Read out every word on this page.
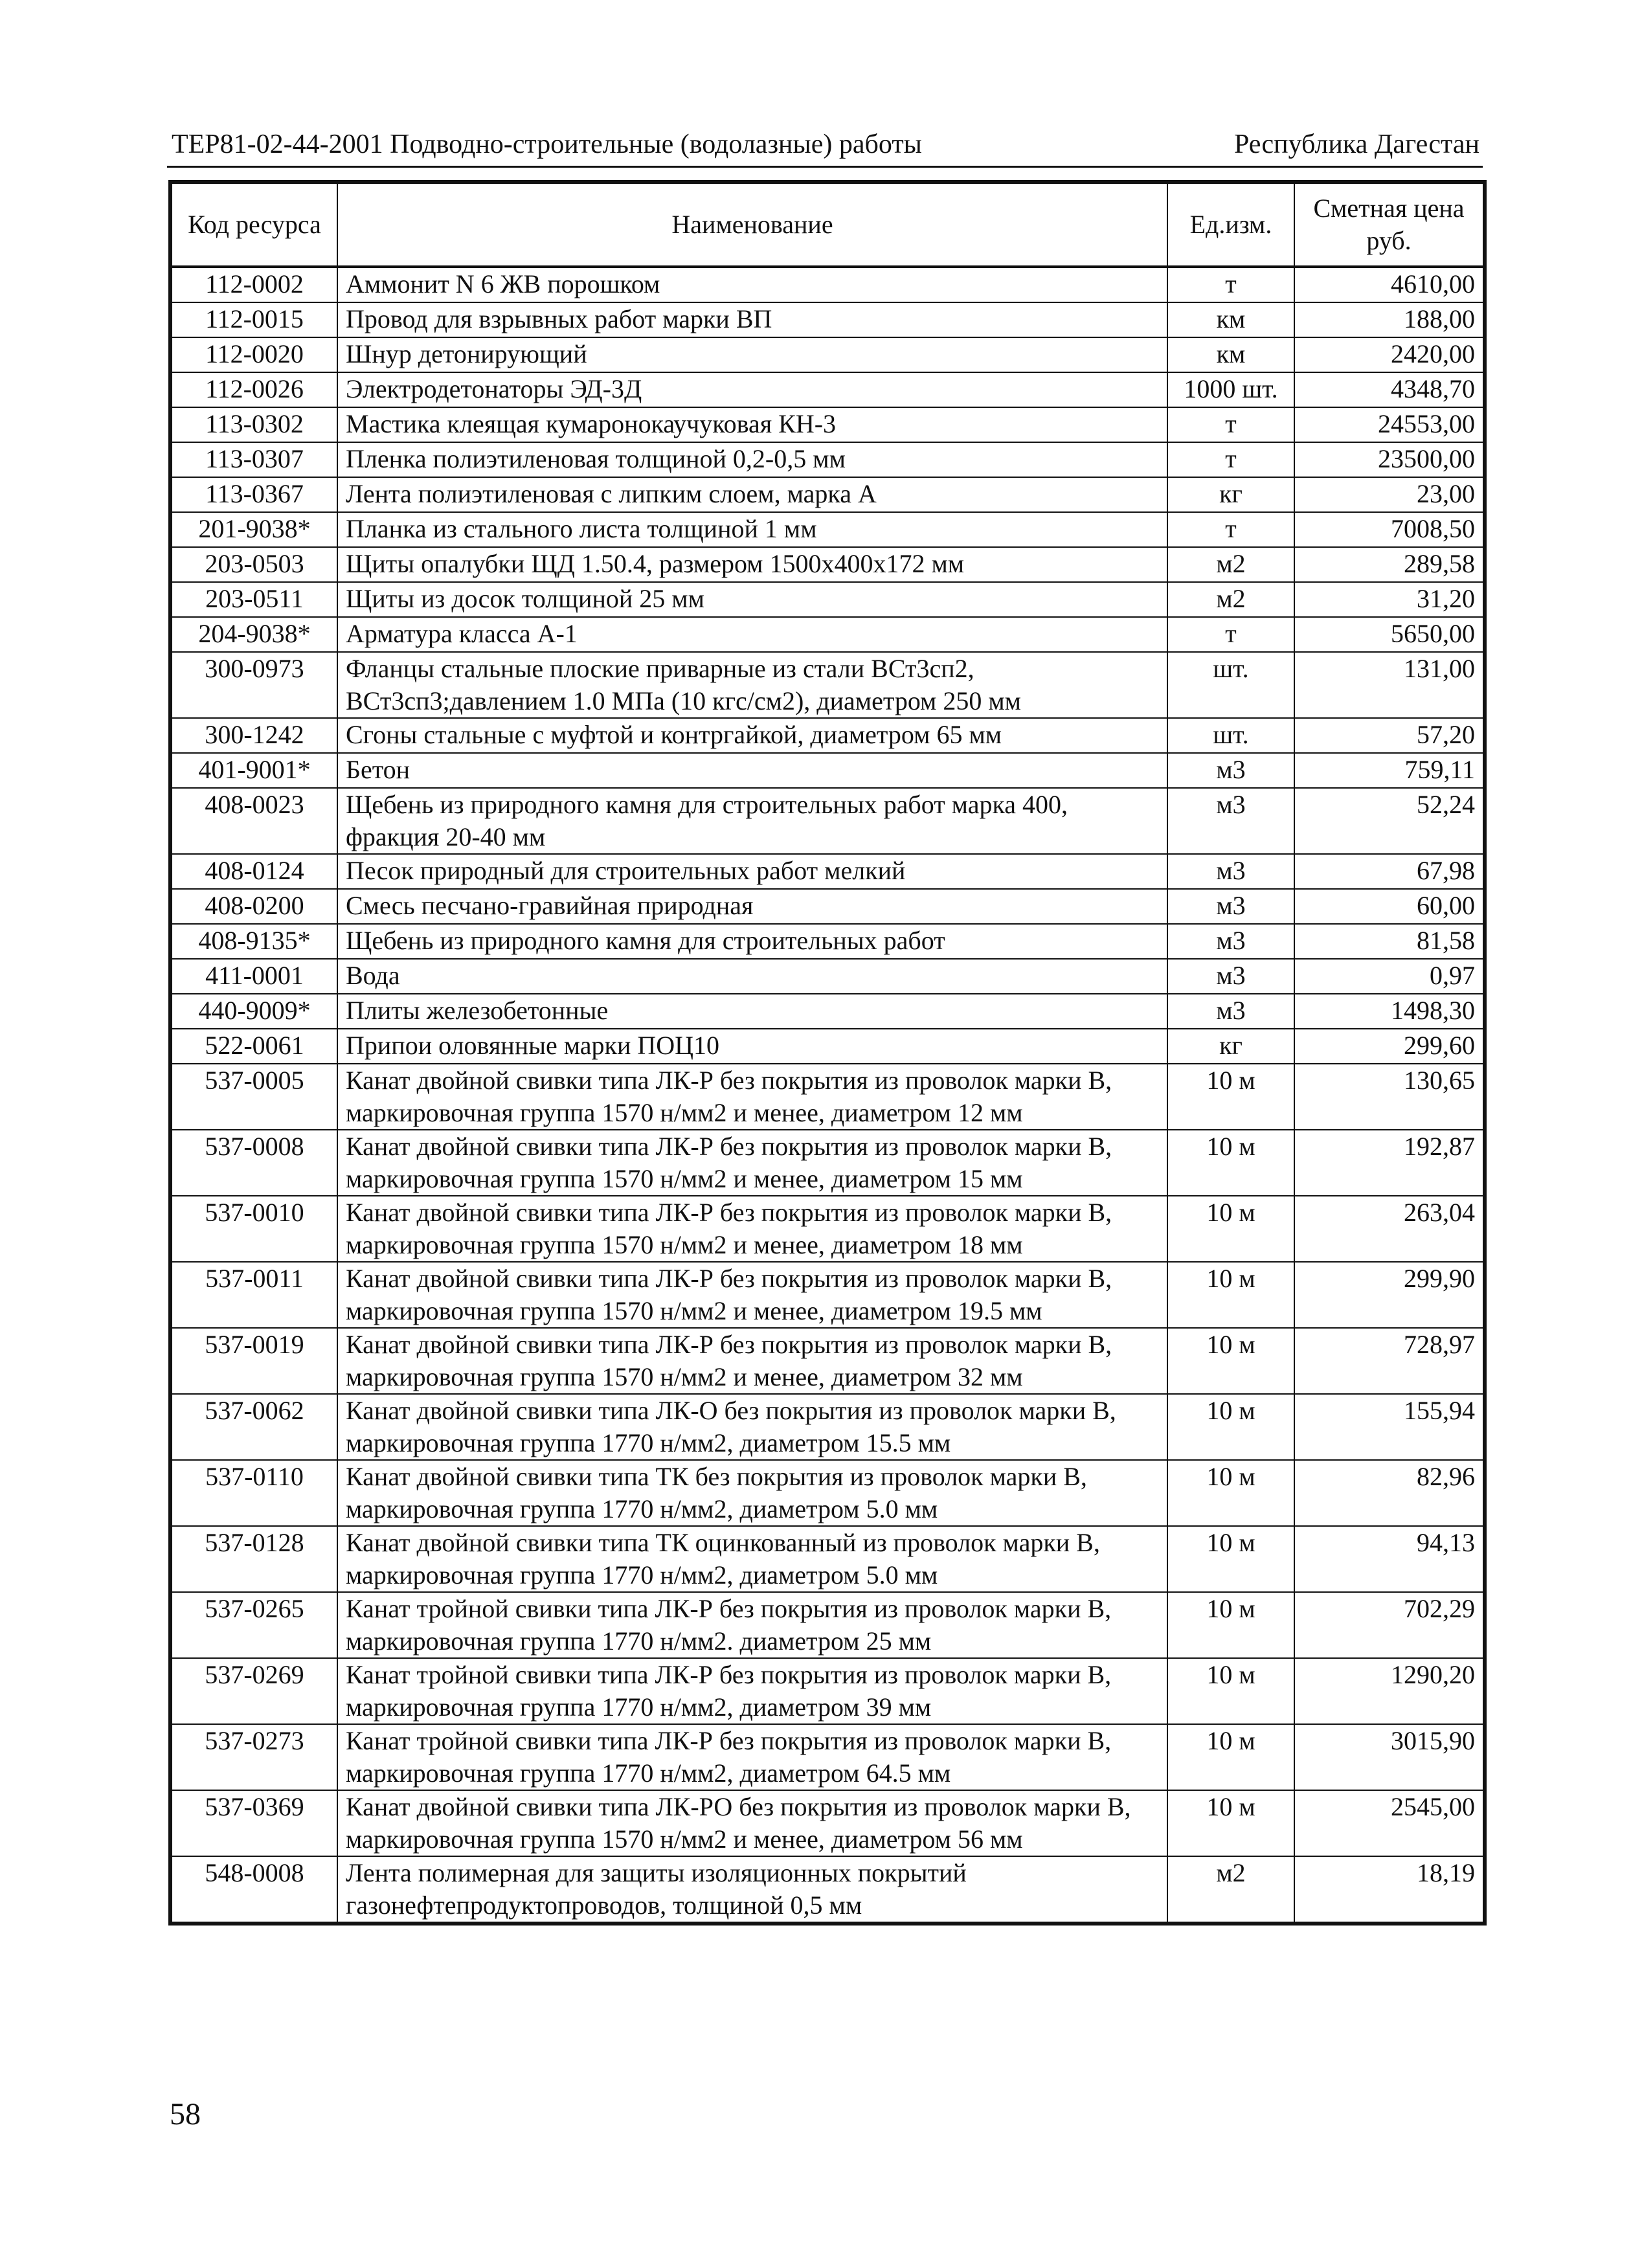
ТЕР81-02-44-2001 Подводно-строительные (водолазные) работы	Республика Дагестан
Код ресурса	Наименование	Ед.изм.	Сметная цена руб.
112-0002	Аммонит N 6 ЖВ порошком	т	4610,00
112-0015	Провод для взрывных работ марки ВП	км	188,00
112-0020	Шнур детонирующий	км	2420,00
112-0026	Электродетонаторы ЭД-3Д	1000 шт.	4348,70
113-0302	Мастика клеящая кумаронокаучуковая КН-3	т	24553,00
113-0307	Пленка полиэтиленовая толщиной 0,2-0,5 мм	т	23500,00
113-0367	Лента полиэтиленовая с липким слоем, марка А	кг	23,00
201-9038*	Планка из стального листа толщиной 1 мм	т	7008,50
203-0503	Щиты опалубки ЩД 1.50.4, размером 1500х400х172 мм	м2	289,58
203-0511	Щиты из досок толщиной 25 мм	м2	31,20
204-9038*	Арматура класса А-1	т	5650,00
300-0973	Фланцы стальные плоские приварные из стали ВСт3сп2, ВСт3сп3;давлением 1.0 МПа (10 кгс/см2), диаметром 250 мм	шт.	131,00
300-1242	Сгоны стальные с муфтой и контргайкой, диаметром 65 мм	шт.	57,20
401-9001*	Бетон	м3	759,11
408-0023	Щебень из природного камня для строительных работ марка 400, фракция 20-40 мм	м3	52,24
408-0124	Песок природный для строительных работ мелкий	м3	67,98
408-0200	Смесь песчано-гравийная природная	м3	60,00
408-9135*	Щебень из природного камня для строительных работ	м3	81,58
411-0001	Вода	м3	0,97
440-9009*	Плиты железобетонные	м3	1498,30
522-0061	Припои оловянные марки ПОЦ10	кг	299,60
537-0005	Канат двойной свивки типа ЛК-Р без покрытия из проволок марки В, маркировочная группа 1570 н/мм2 и менее, диаметром 12 мм	10 м	130,65
537-0008	Канат двойной свивки типа ЛК-Р без покрытия из проволок марки В, маркировочная группа 1570 н/мм2 и менее, диаметром 15 мм	10 м	192,87
537-0010	Канат двойной свивки типа ЛК-Р без покрытия из проволок марки В, маркировочная группа 1570 н/мм2 и менее, диаметром 18 мм	10 м	263,04
537-0011	Канат двойной свивки типа ЛК-Р без покрытия из проволок марки В, маркировочная группа 1570 н/мм2 и менее, диаметром 19.5 мм	10 м	299,90
537-0019	Канат двойной свивки типа ЛК-Р без покрытия из проволок марки В, маркировочная группа 1570 н/мм2 и менее, диаметром 32 мм	10 м	728,97
537-0062	Канат двойной свивки типа ЛК-О без покрытия из проволок марки В, маркировочная группа 1770 н/мм2, диаметром 15.5 мм	10 м	155,94
537-0110	Канат двойной свивки типа ТК без покрытия из проволок марки В, маркировочная группа 1770 н/мм2, диаметром 5.0 мм	10 м	82,96
537-0128	Канат двойной свивки типа ТК оцинкованный из проволок марки В, маркировочная группа 1770 н/мм2, диаметром 5.0 мм	10 м	94,13
537-0265	Канат тройной свивки типа ЛК-Р без покрытия из проволок марки В, маркировочная группа 1770 н/мм2. диаметром 25 мм	10 м	702,29
537-0269	Канат тройной свивки типа ЛК-Р без покрытия из проволок марки В, маркировочная группа 1770 н/мм2, диаметром 39 мм	10 м	1290,20
537-0273	Канат тройной свивки типа ЛК-Р без покрытия из проволок марки В, маркировочная группа 1770 н/мм2, диаметром 64.5 мм	10 м	3015,90
537-0369	Канат двойной свивки типа ЛК-РО без покрытия из проволок марки В, маркировочная группа 1570 н/мм2 и менее, диаметром 56 мм	10 м	2545,00
548-0008	Лента полимерная для защиты изоляционных покрытий газонефтепродуктопроводов, толщиной 0,5 мм	м2	18,19
58
